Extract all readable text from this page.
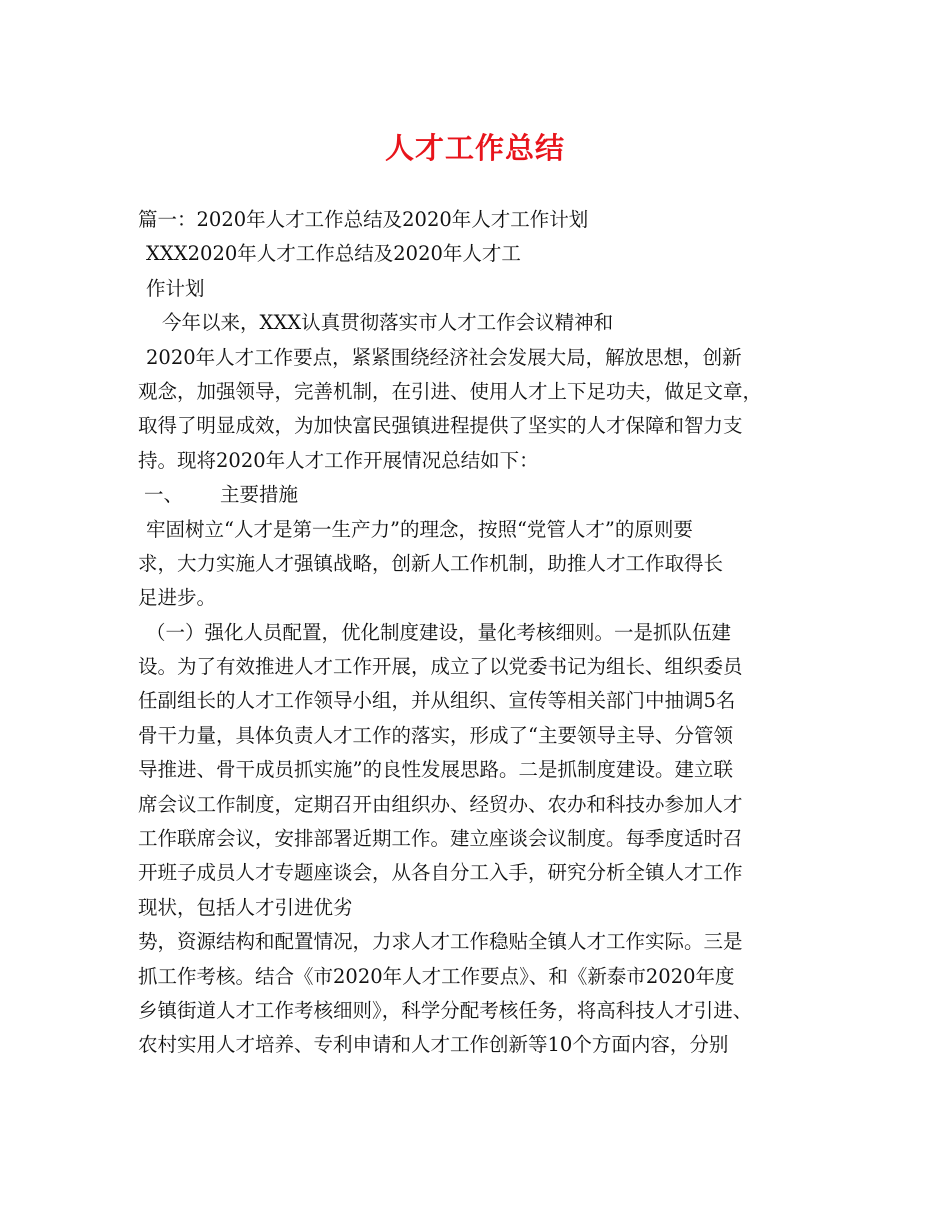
人才工作总结

篇一：2020年人才工作总结及2020年人才工作计划

XXX2020年人才工作总结及2020年人才工

作计划

今年以来，XXX认真贯彻落实市人才工作会议精神和

2020年人才工作要点，紧紧围绕经济社会发展大局，解放思想，创新

观念，加强领导，完善机制，在引进、使用人才上下足功夫，做足文章，

取得了明显成效，为加快富民强镇进程提供了坚实的人才保障和智力支

持。现将2020年人才工作开展情况总结如下：

一、 主要措施

牢固树立“人才是第一生产力”的理念，按照“党管人才”的原则要

求，大力实施人才强镇战略，创新人工作机制，助推人才工作取得长

足进步。

（一）强化人员配置，优化制度建设，量化考核细则。一是抓队伍建

设。为了有效推进人才工作开展，成立了以党委书记为组长、组织委员

任副组长的人才工作领导小组，并从组织、宣传等相关部门中抽调5名

骨干力量，具体负责人才工作的落实，形成了“主要领导主导、分管领

导推进、骨干成员抓实施”的良性发展思路。二是抓制度建设。建立联

席会议工作制度，定期召开由组织办、经贸办、农办和科技办参加人才

工作联席会议，安排部署近期工作。建立座谈会议制度。每季度适时召

开班子成员人才专题座谈会，从各自分工入手，研究分析全镇人才工作

现状，包括人才引进优劣

势，资源结构和配置情况，力求人才工作稳贴全镇人才工作实际。三是

抓工作考核。结合《市2020年人才工作要点》、和《新泰市2020年度

乡镇街道人才工作考核细则》，科学分配考核任务，将高科技人才引进、

农村实用人才培养、专利申请和人才工作创新等10个方面内容，分别
